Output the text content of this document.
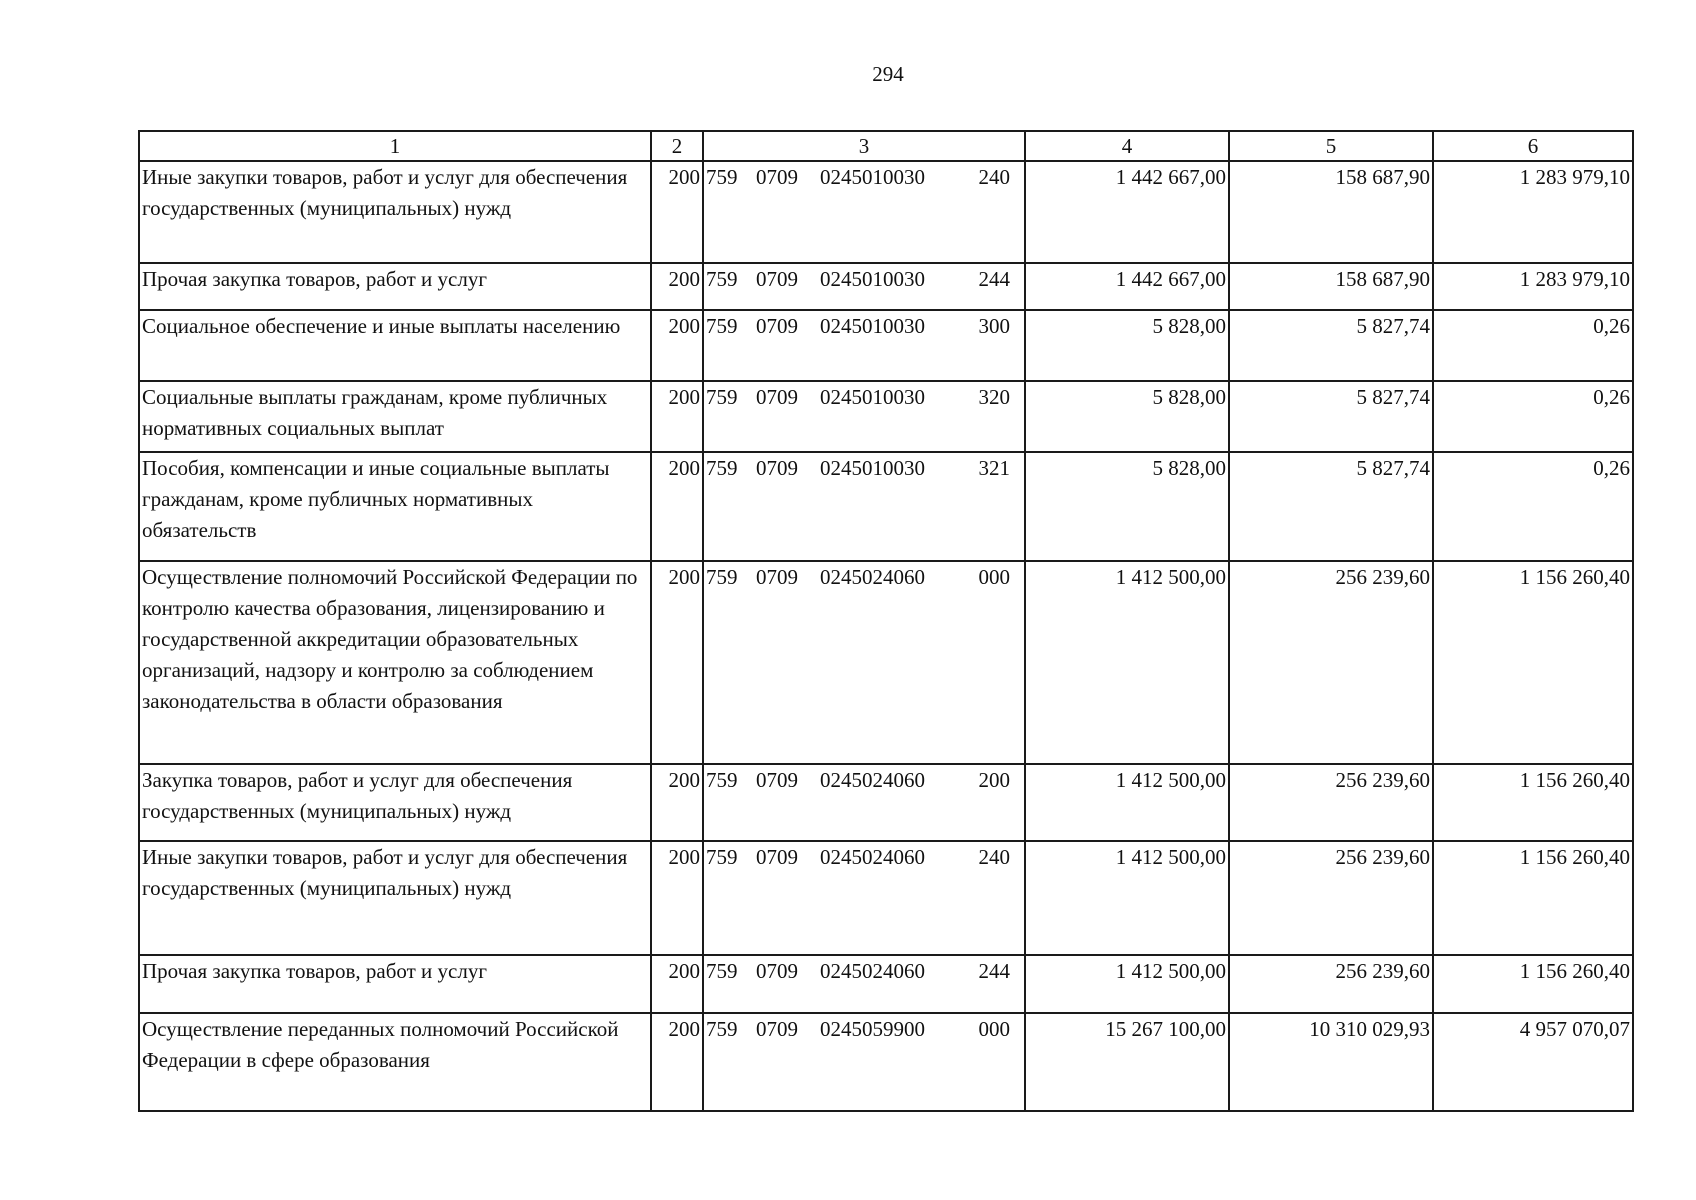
294
1	2	3	4	5	6
Иные закупки товаров, работ и услуг для обеспечения государственных (муниципальных) нужд	200	759 0709 0245010030 240	1 442 667,00	158 687,90	1 283 979,10
Прочая закупка товаров, работ и услуг	200	759 0709 0245010030 244	1 442 667,00	158 687,90	1 283 979,10
Социальное обеспечение и иные выплаты населению	200	759 0709 0245010030 300	5 828,00	5 827,74	0,26
Социальные выплаты гражданам, кроме публичных нормативных социальных выплат	200	759 0709 0245010030 320	5 828,00	5 827,74	0,26
Пособия, компенсации и иные социальные выплаты гражданам, кроме публичных нормативных обязательств	200	759 0709 0245010030 321	5 828,00	5 827,74	0,26
Осуществление полномочий Российской Федерации по контролю качества образования, лицензированию и государственной аккредитации образовательных организаций, надзору и контролю за соблюдением законодательства в области образования	200	759 0709 0245024060 000	1 412 500,00	256 239,60	1 156 260,40
Закупка товаров, работ и услуг для обеспечения государственных (муниципальных) нужд	200	759 0709 0245024060 200	1 412 500,00	256 239,60	1 156 260,40
Иные закупки товаров, работ и услуг для обеспечения государственных (муниципальных) нужд	200	759 0709 0245024060 240	1 412 500,00	256 239,60	1 156 260,40
Прочая закупка товаров, работ и услуг	200	759 0709 0245024060 244	1 412 500,00	256 239,60	1 156 260,40
Осуществление переданных полномочий Российской Федерации в сфере образования	200	759 0709 0245059900 000	15 267 100,00	10 310 029,93	4 957 070,07
